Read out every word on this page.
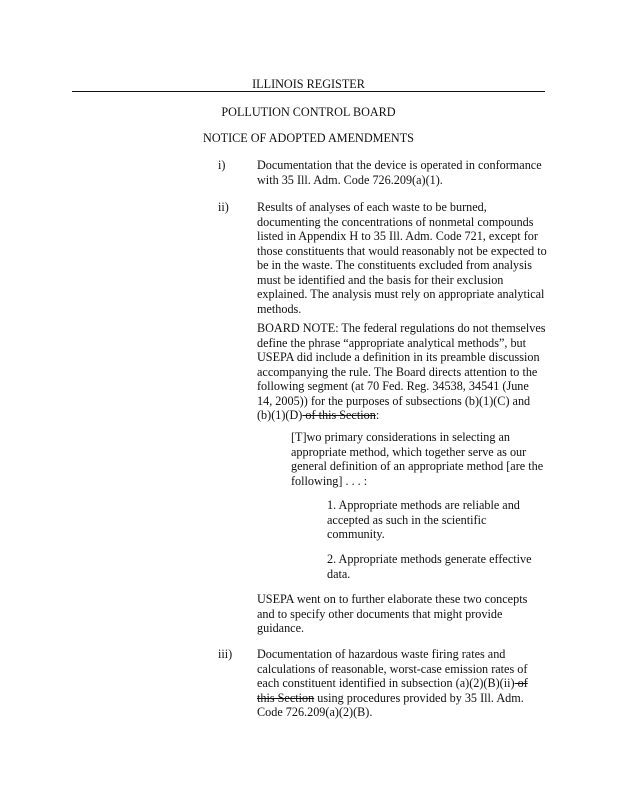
ILLINOIS REGISTER
POLLUTION CONTROL BOARD
NOTICE OF ADOPTED AMENDMENTS
i)	Documentation that the device is operated in conformance with 35 Ill. Adm. Code 726.209(a)(1).
ii) Results of analyses of each waste to be burned, documenting the concentrations of nonmetal compounds listed in Appendix H to 35 Ill. Adm. Code 721, except for those constituents that would reasonably not be expected to be in the waste. The constituents excluded from analysis must be identified and the basis for their exclusion explained. The analysis must rely on appropriate analytical methods.
BOARD NOTE: The federal regulations do not themselves define the phrase “appropriate analytical methods”, but USEPA did include a definition in its preamble discussion accompanying the rule. The Board directs attention to the following segment (at 70 Fed. Reg. 34538, 34541 (June 14, 2005)) for the purposes of subsections (b)(1)(C) and (b)(1)(D) of this Section:
[T]wo primary considerations in selecting an appropriate method, which together serve as our general definition of an appropriate method [are the following] . . . :
1. Appropriate methods are reliable and accepted as such in the scientific community.
2. Appropriate methods generate effective data.
USEPA went on to further elaborate these two concepts and to specify other documents that might provide guidance.
iii) Documentation of hazardous waste firing rates and calculations of reasonable, worst-case emission rates of each constituent identified in subsection (a)(2)(B)(ii) of this Section using procedures provided by 35 Ill. Adm. Code 726.209(a)(2)(B).
